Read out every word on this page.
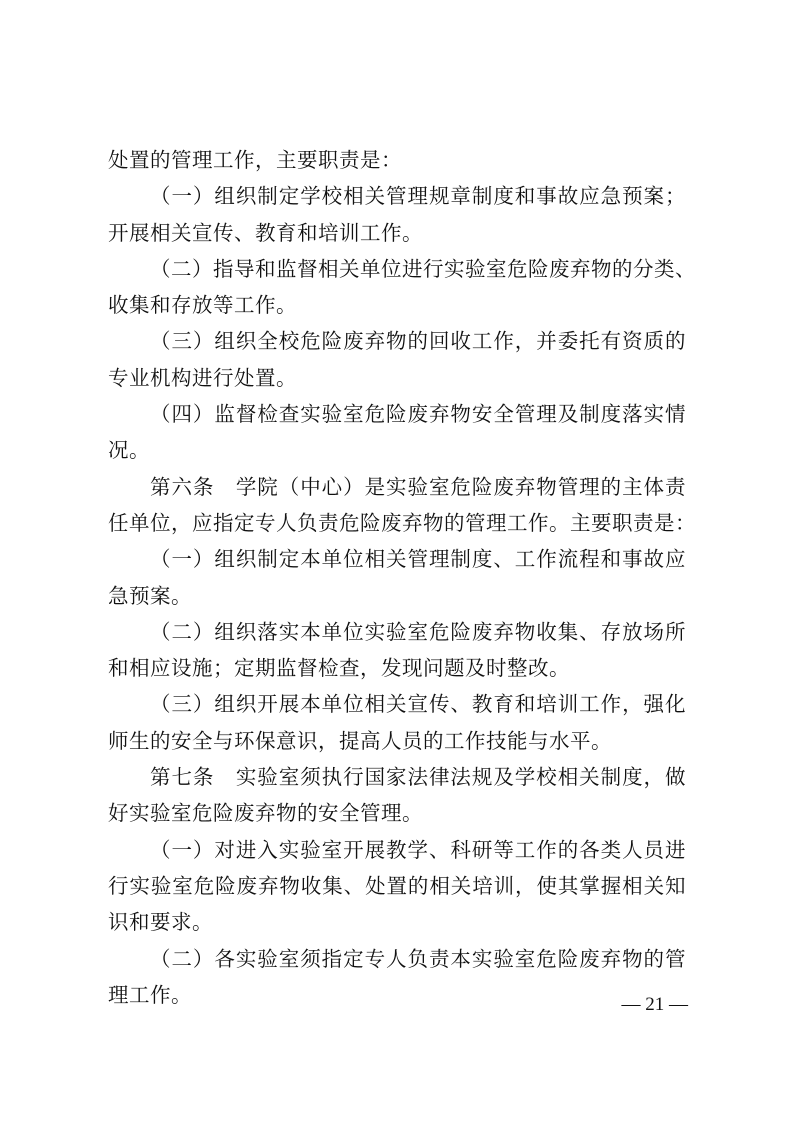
处置的管理工作，主要职责是：
（一）组织制定学校相关管理规章制度和事故应急预案；
开展相关宣传、教育和培训工作。
（二）指导和监督相关单位进行实验室危险废弃物的分类、
收集和存放等工作。
（三）组织全校危险废弃物的回收工作，并委托有资质的
专业机构进行处置。
（四）监督检查实验室危险废弃物安全管理及制度落实情
况。
第六条　学院（中心）是实验室危险废弃物管理的主体责
任单位，应指定专人负责危险废弃物的管理工作。主要职责是：
（一）组织制定本单位相关管理制度、工作流程和事故应
急预案。
（二）组织落实本单位实验室危险废弃物收集、存放场所
和相应设施；定期监督检查，发现问题及时整改。
（三）组织开展本单位相关宣传、教育和培训工作，强化
师生的安全与环保意识，提高人员的工作技能与水平。
第七条　实验室须执行国家法律法规及学校相关制度，做
好实验室危险废弃物的安全管理。
（一）对进入实验室开展教学、科研等工作的各类人员进
行实验室危险废弃物收集、处置的相关培训，使其掌握相关知
识和要求。
（二）各实验室须指定专人负责本实验室危险废弃物的管
理工作。	— 21 —
